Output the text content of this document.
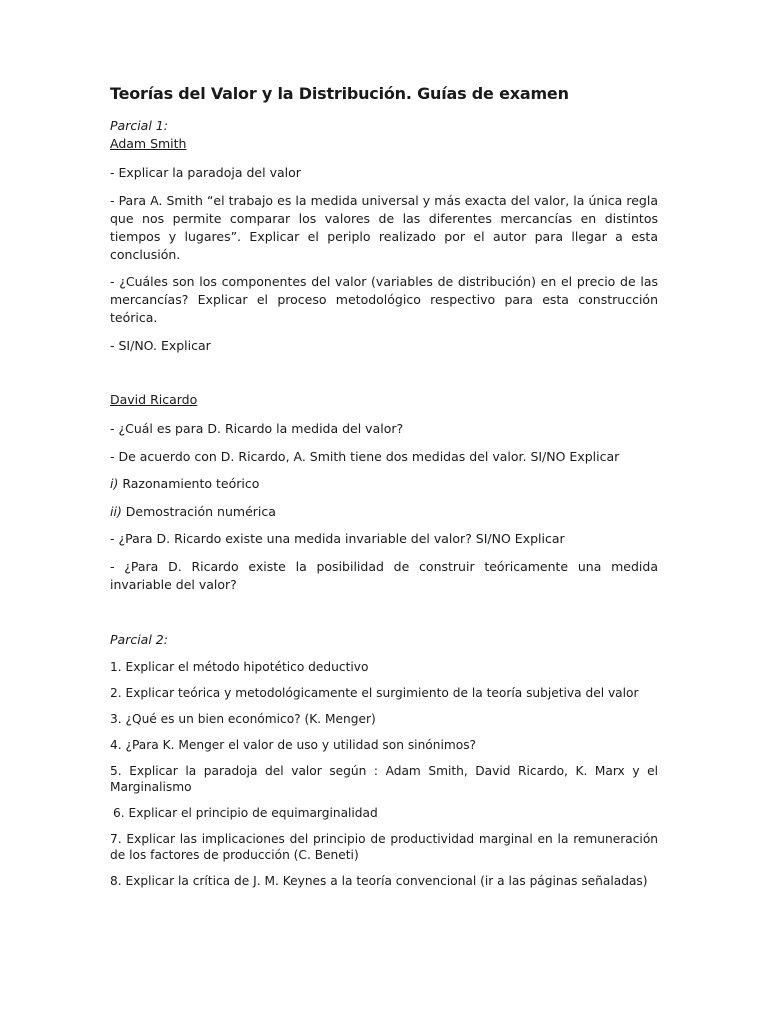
Teorías del Valor y la Distribución. Guías de examen
Parcial 1:
Adam Smith

- Explicar la paradoja del valor

- Para A. Smith “el trabajo es la medida universal y más exacta del valor, la única regla que nos permite comparar los valores de las diferentes mercancías en distintos tiempos y lugares”. Explicar el periplo realizado por el autor para llegar a esta conclusión.

- ¿Cuáles son los componentes del valor (variables de distribución) en el precio de las mercancías? Explicar el proceso metodológico respectivo para esta construcción teórica.

- SI/NO. Explicar

David Ricardo

- ¿Cuál es para D. Ricardo la medida del valor?

- De acuerdo con D. Ricardo, A. Smith tiene dos medidas del valor. SI/NO Explicar

i) Razonamiento teórico

ii) Demostración numérica

- ¿Para D. Ricardo existe una medida invariable del valor? SI/NO Explicar

- ¿Para D. Ricardo existe la posibilidad de construir teóricamente una medida invariable del valor?

Parcial 2:

1. Explicar el método hipotético deductivo

2. Explicar teórica y metodológicamente el surgimiento de la teoría subjetiva del valor

3. ¿Qué es un bien económico? (K. Menger)

4. ¿Para K. Menger el valor de uso y utilidad son sinónimos?

5. Explicar la paradoja del valor según : Adam Smith, David Ricardo, K. Marx y el Marginalismo

6. Explicar el principio de equimarginalidad

7. Explicar las implicaciones del principio de productividad marginal en la remuneración de los factores de producción (C. Beneti)

8. Explicar la crítica de J. M. Keynes a la teoría convencional (ir a las páginas señaladas)
